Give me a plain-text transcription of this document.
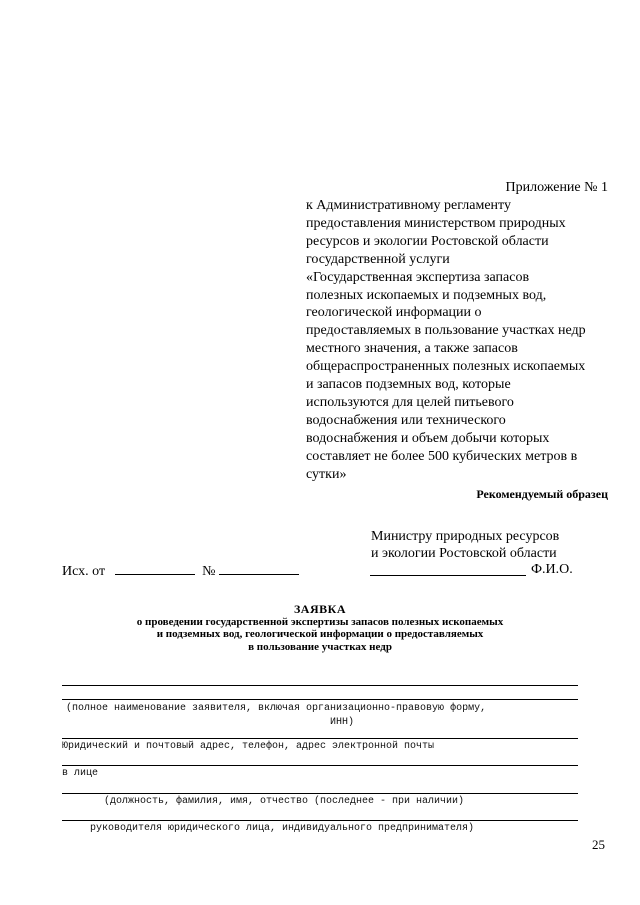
Приложение № 1
к Административному регламенту
предоставления министерством природных
ресурсов и экологии Ростовской области
государственной услуги
«Государственная экспертиза запасов
полезных ископаемых и подземных вод,
геологической информации о
предоставляемых в пользование участках недр
местного значения, а также запасов
общераспространенных полезных ископаемых
и запасов подземных вод, которые
используются для целей питьевого
водоснабжения или технического
водоснабжения и объем добычи которых
составляет не более 500 кубических метров в
сутки»
Рекомендуемый образец
Министру природных ресурсов
и экологии Ростовской области
Исх. от	№	Ф.И.О.
ЗАЯВКА
о проведении государственной экспертизы запасов полезных ископаемых
и подземных вод, геологической информации о предоставляемых
в пользование участках недр
(полное наименование заявителя, включая организационно-правовую форму,
ИНН)
Юридический и почтовый адрес, телефон, адрес электронной почты
в лице
(должность, фамилия, имя, отчество (последнее - при наличии)
руководителя юридического лица, индивидуального предпринимателя)
25
